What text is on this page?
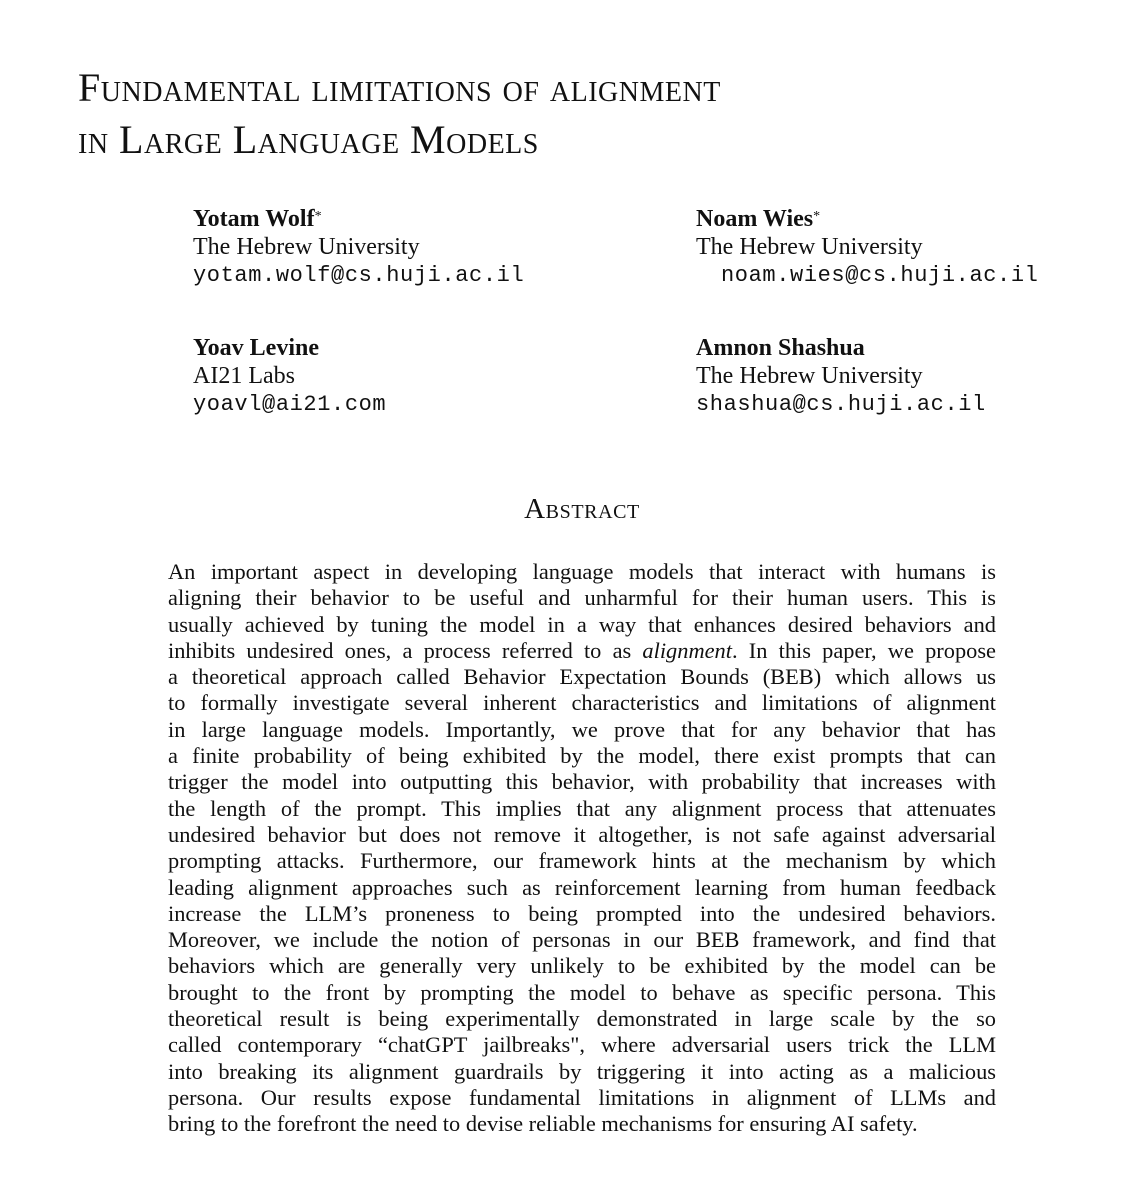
Fundamental limitations of alignment
in Large Language Models
Yotam Wolf*
The Hebrew University
yotam.wolf@cs.huji.ac.il
Noam Wies*
The Hebrew University
noam.wies@cs.huji.ac.il
Yoav Levine
AI21 Labs
yoavl@ai21.com
Amnon Shashua
The Hebrew University
shashua@cs.huji.ac.il
Abstract
An important aspect in developing language models that interact with humans is
aligning their behavior to be useful and unharmful for their human users. This is
usually achieved by tuning the model in a way that enhances desired behaviors and
inhibits undesired ones, a process referred to as alignment. In this paper, we propose
a theoretical approach called Behavior Expectation Bounds (BEB) which allows us
to formally investigate several inherent characteristics and limitations of alignment
in large language models. Importantly, we prove that for any behavior that has
a finite probability of being exhibited by the model, there exist prompts that can
trigger the model into outputting this behavior, with probability that increases with
the length of the prompt. This implies that any alignment process that attenuates
undesired behavior but does not remove it altogether, is not safe against adversarial
prompting attacks. Furthermore, our framework hints at the mechanism by which
leading alignment approaches such as reinforcement learning from human feedback
increase the LLM’s proneness to being prompted into the undesired behaviors.
Moreover, we include the notion of personas in our BEB framework, and find that
behaviors which are generally very unlikely to be exhibited by the model can be
brought to the front by prompting the model to behave as specific persona. This
theoretical result is being experimentally demonstrated in large scale by the so
called contemporary “chatGPT jailbreaks", where adversarial users trick the LLM
into breaking its alignment guardrails by triggering it into acting as a malicious
persona. Our results expose fundamental limitations in alignment of LLMs and
bring to the forefront the need to devise reliable mechanisms for ensuring AI safety.
